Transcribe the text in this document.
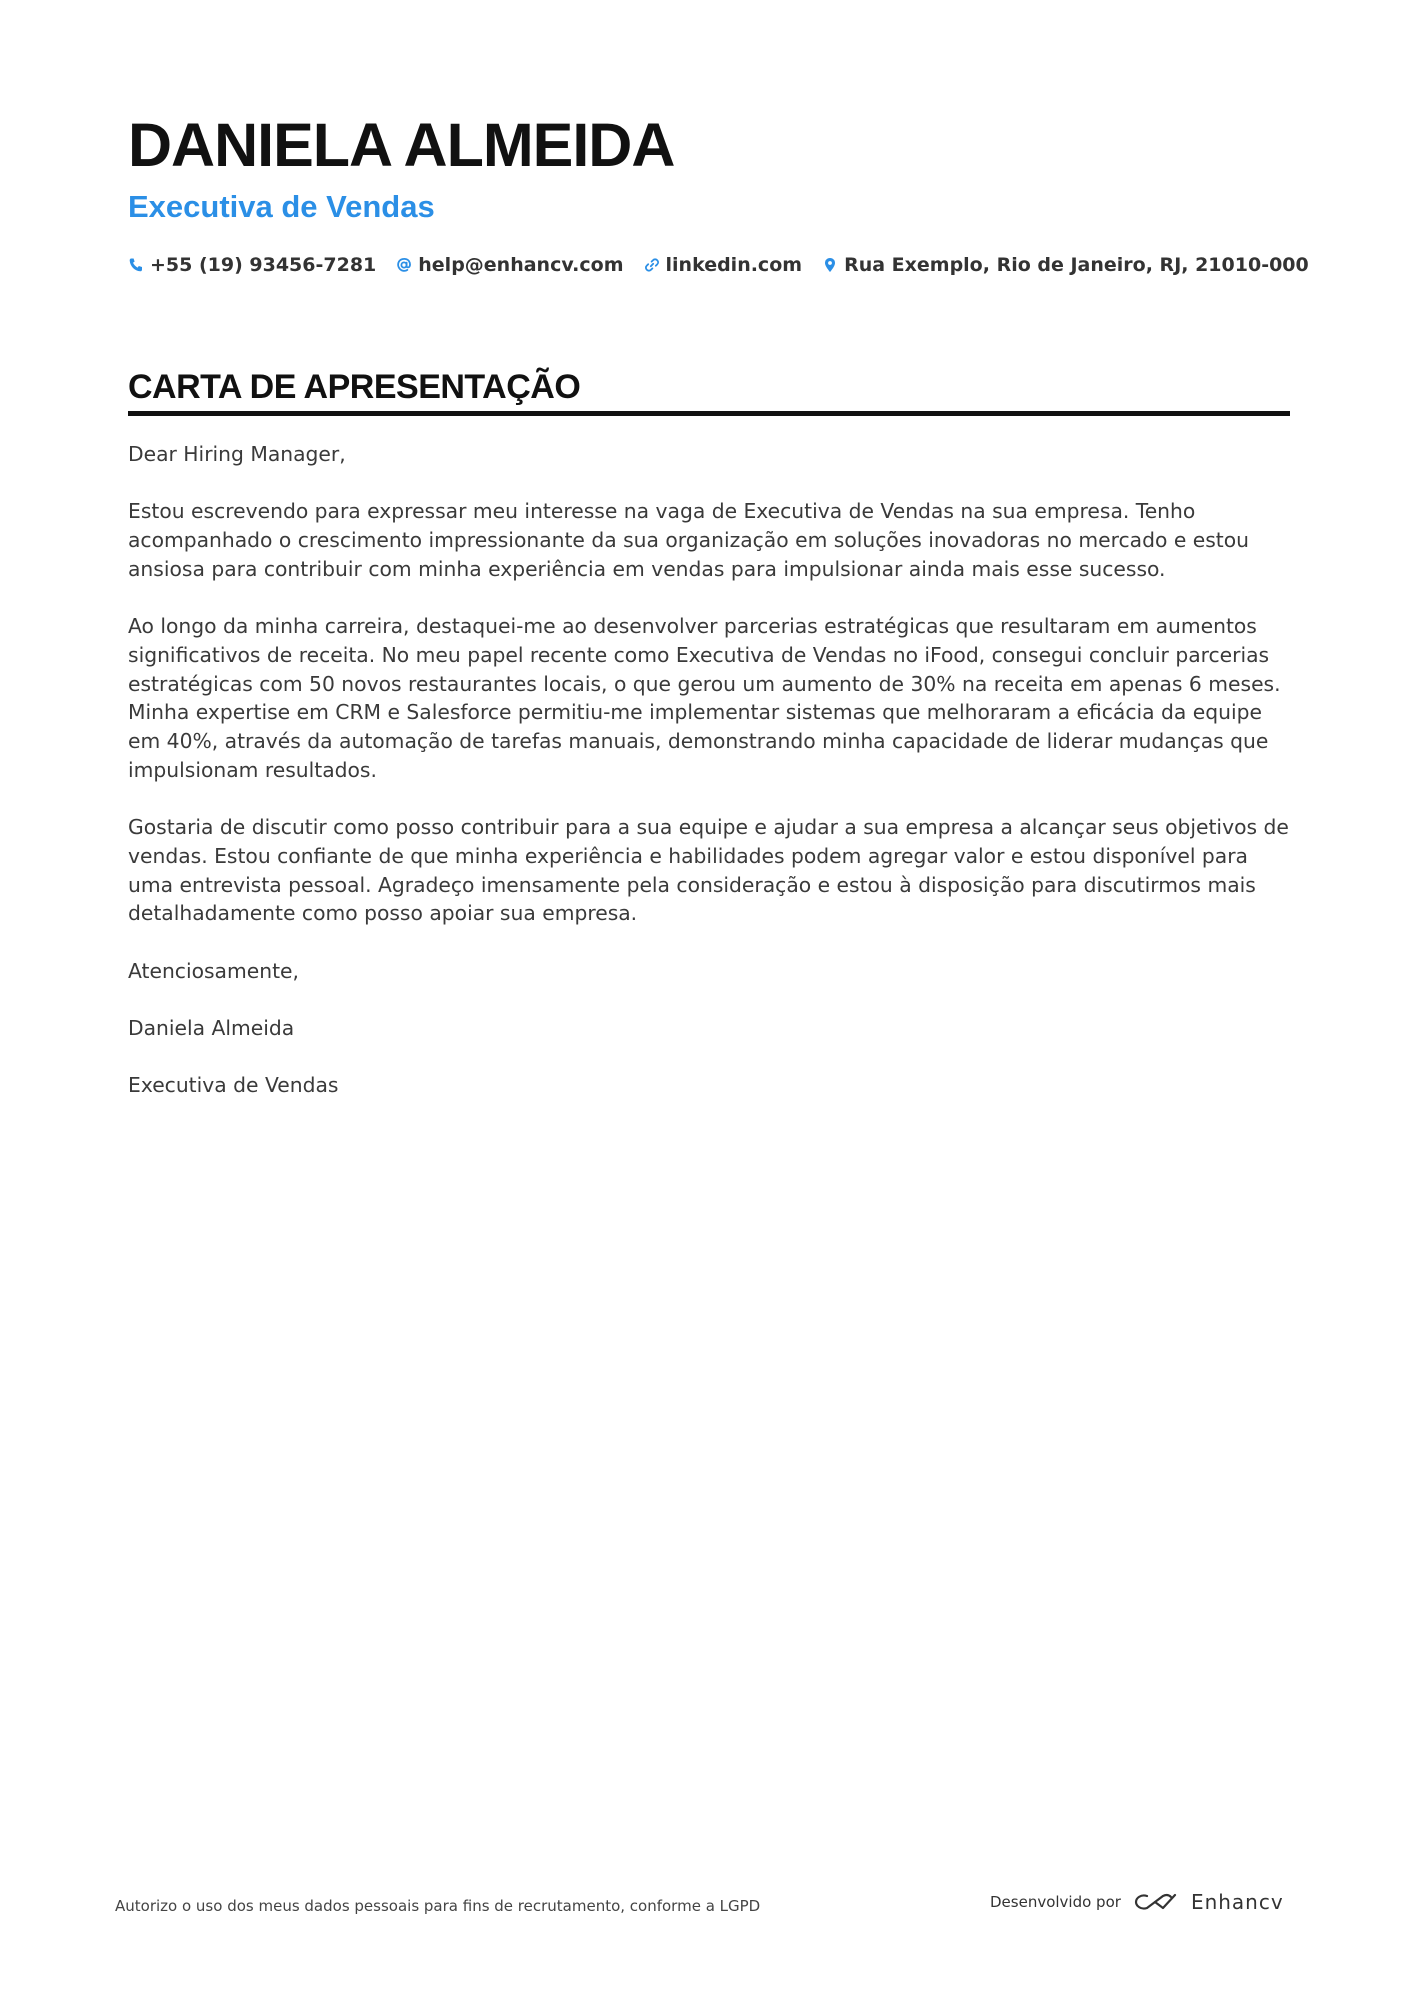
DANIELA ALMEIDA
Executiva de Vendas
+55 (19) 93456-7281 help@enhancv.com linkedin.com Rua Exemplo, Rio de Janeiro, RJ, 21010-000
CARTA DE APRESENTAÇÃO

Dear Hiring Manager,

Estou escrevendo para expressar meu interesse na vaga de Executiva de Vendas na sua empresa. Tenho acompanhado o crescimento impressionante da sua organização em soluções inovadoras no mercado e estou ansiosa para contribuir com minha experiência em vendas para impulsionar ainda mais esse sucesso.

Ao longo da minha carreira, destaquei-me ao desenvolver parcerias estratégicas que resultaram em aumentos significativos de receita. No meu papel recente como Executiva de Vendas no iFood, consegui concluir parcerias estratégicas com 50 novos restaurantes locais, o que gerou um aumento de 30% na receita em apenas 6 meses. Minha expertise em CRM e Salesforce permitiu-me implementar sistemas que melhoraram a eficácia da equipe em 40%, através da automação de tarefas manuais, demonstrando minha capacidade de liderar mudanças que impulsionam resultados.

Gostaria de discutir como posso contribuir para a sua equipe e ajudar a sua empresa a alcançar seus objetivos de vendas. Estou confiante de que minha experiência e habilidades podem agregar valor e estou disponível para uma entrevista pessoal. Agradeço imensamente pela consideração e estou à disposição para discutirmos mais detalhadamente como posso apoiar sua empresa.

Atenciosamente,

Daniela Almeida

Executiva de Vendas

Autorizo o uso dos meus dados pessoais para fins de recrutamento, conforme a LGPD	Desenvolvido por	Enhancv
